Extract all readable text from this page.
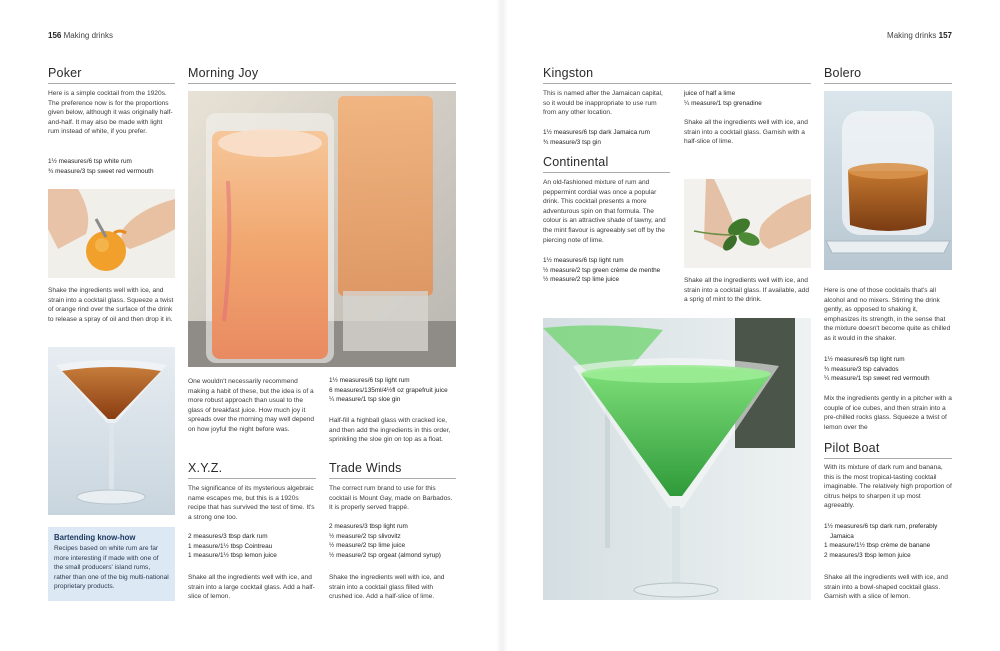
156 Making drinks	Making drinks 157
Poker
Here is a simple cocktail from the 1920s. The preference now is for the proportions given below, although it was originally half-and-half. It may also be made with light rum instead of white, if you prefer.
1½ measures/6 tsp white rum
¾ measure/3 tsp sweet red vermouth
Shake the ingredients well with ice, and strain into a cocktail glass. Squeeze a twist of orange rind over the surface of the drink to release a spray of oil and then drop it in.
Bartending know-how
Recipes based on white rum are far more interesting if made with one of the small producers' island rums, rather than one of the big multi-national proprietary products.
Morning Joy
One wouldn't necessarily recommend making a habit of these, but the idea is of a more robust approach than usual to the glass of breakfast juice. How much joy it spreads over the morning may well depend on how joyful the night before was.
1½ measures/6 tsp light rum
6 measures/135ml/4½fl oz grapefruit juice
¼ measure/1 tsp sloe gin
Half-fill a highball glass with cracked ice, and then add the ingredients in this order, sprinkling the sloe gin on top as a float.
X.Y.Z.
The significance of its mysterious algebraic name escapes me, but this is a 1920s recipe that has survived the test of time. It's a strong one too.
2 measures/3 tbsp dark rum
1 measure/1½ tbsp Cointreau
1 measure/1½ tbsp lemon juice
Shake all the ingredients well with ice, and strain into a large cocktail glass. Add a half-slice of lemon.
Trade Winds
The correct rum brand to use for this cocktail is Mount Gay, made on Barbados. It is properly served frappé.
2 measures/3 tbsp light rum
½ measure/2 tsp slivovitz
½ measure/2 tsp lime juice
½ measure/2 tsp orgeat (almond syrup)
Shake the ingredients well with ice, and strain into a cocktail glass filled with crushed ice. Add a half-slice of lime.
Kingston
This is named after the Jamaican capital, so it would be inappropriate to use rum from any other location.
1½ measures/6 tsp dark Jamaica rum
¾ measure/3 tsp gin
juice of half a lime
¼ measure/1 tsp grenadine
Shake all the ingredients well with ice, and strain into a cocktail glass. Garnish with a half-slice of lime.
Continental
An old-fashioned mixture of rum and peppermint cordial was once a popular drink. This cocktail presents a more adventurous spin on that formula. The colour is an attractive shade of tawny, and the mint flavour is agreeably set off by the piercing note of lime.
1½ measures/6 tsp light rum
½ measure/2 tsp green crème de menthe
½ measure/2 tsp lime juice	Shake all the ingredients well with ice, and strain into a cocktail glass. If available, add a sprig of mint to the drink.
Bolero
Here is one of those cocktails that's all alcohol and no mixers. Stirring the drink gently, as opposed to shaking it, emphasizes its strength, in the sense that the mixture doesn't become quite as chilled as it would in the shaker.
1½ measures/6 tsp light rum
¾ measure/3 tsp calvados
¼ measure/1 tsp sweet red vermouth
Mix the ingredients gently in a pitcher with a couple of ice cubes, and then strain into a pre-chilled rocks glass. Squeeze a twist of lemon over the
Pilot Boat
With its mixture of dark rum and banana, this is the most tropical-tasting cocktail imaginable. The relatively high proportion of citrus helps to sharpen it up most agreeably.
1½ measures/6 tsp dark rum, preferably
Jamaica
1 measure/1½ tbsp crème de banane
2 measures/3 tbsp lemon juice
Shake all the ingredients well with ice, and strain into a bowl-shaped cocktail glass. Garnish with a slice of lemon.
